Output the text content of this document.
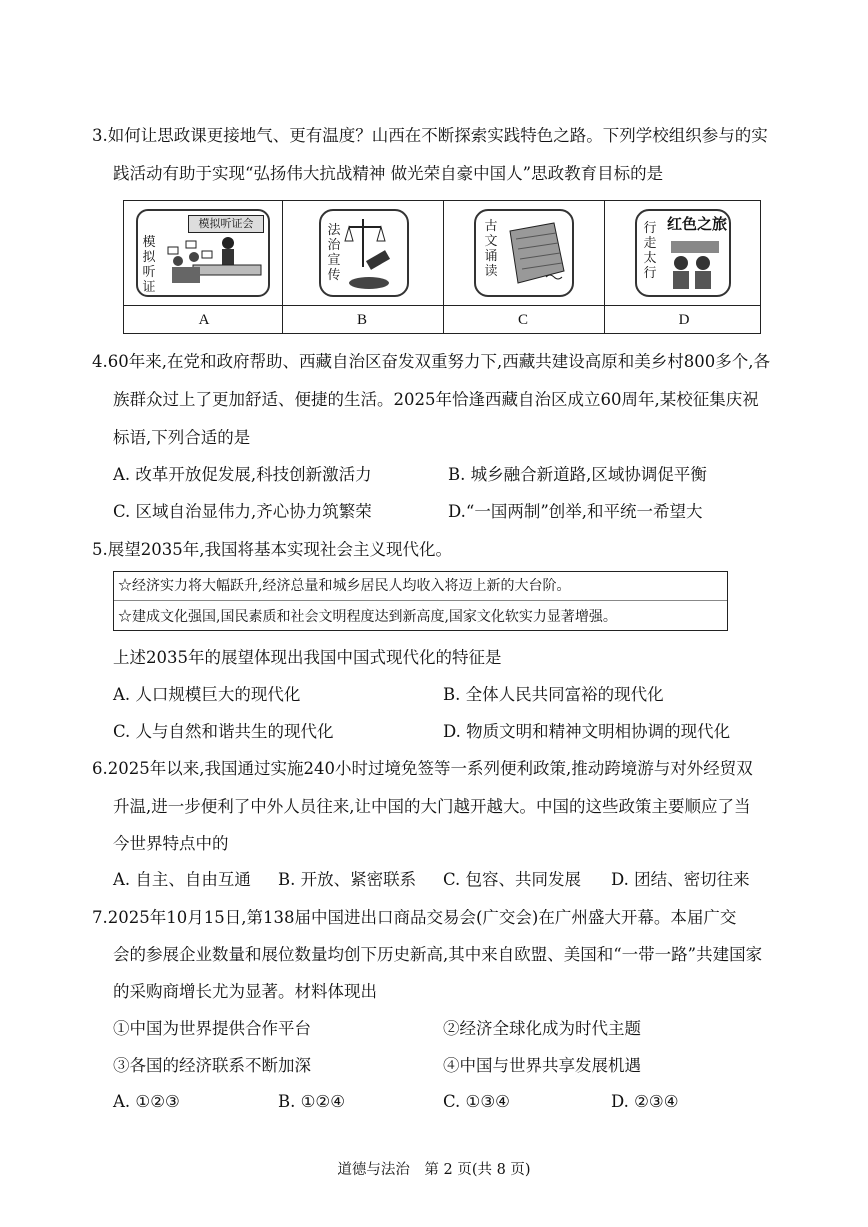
3.如何让思政课更接地气、更有温度？山西在不断探索实践特色之路。下列学校组织参与的实
践活动有助于实现“弘扬伟大抗战精神 做光荣自豪中国人”思政教育目标的是
模拟听证会
模拟听证
法治宣传
古文诵读
红色之旅
行走太行
A	B	C	D
4.60年来,在党和政府帮助、西藏自治区奋发双重努力下,西藏共建设高原和美乡村800多个,各
族群众过上了更加舒适、便捷的生活。2025年恰逢西藏自治区成立60周年,某校征集庆祝
标语,下列合适的是
A. 改革开放促发展,科技创新激活力	B. 城乡融合新道路,区域协调促平衡
C. 区域自治显伟力,齐心协力筑繁荣	D.“一国两制”创举,和平统一希望大
5.展望2035年,我国将基本实现社会主义现代化。
☆经济实力将大幅跃升,经济总量和城乡居民人均收入将迈上新的大台阶。
☆建成文化强国,国民素质和社会文明程度达到新高度,国家文化软实力显著增强。
上述2035年的展望体现出我国中国式现代化的特征是
A. 人口规模巨大的现代化	B. 全体人民共同富裕的现代化
C. 人与自然和谐共生的现代化	D. 物质文明和精神文明相协调的现代化
6.2025年以来,我国通过实施240小时过境免签等一系列便利政策,推动跨境游与对外经贸双
升温,进一步便利了中外人员往来,让中国的大门越开越大。中国的这些政策主要顺应了当
今世界特点中的
A. 自主、自由互通 B. 开放、紧密联系 C. 包容、共同发展 D. 团结、密切往来
7.2025年10月15日,第138届中国进出口商品交易会(广交会)在广州盛大开幕。本届广交
会的参展企业数量和展位数量均创下历史新高,其中来自欧盟、美国和“一带一路”共建国家
的采购商增长尤为显著。材料体现出
①中国为世界提供合作平台	②经济全球化成为时代主题
③各国的经济联系不断加深	④中国与世界共享发展机遇
A. ①②③	B. ①②④	C. ①③④	D. ②③④
道德与法治　第 2 页(共 8 页)
